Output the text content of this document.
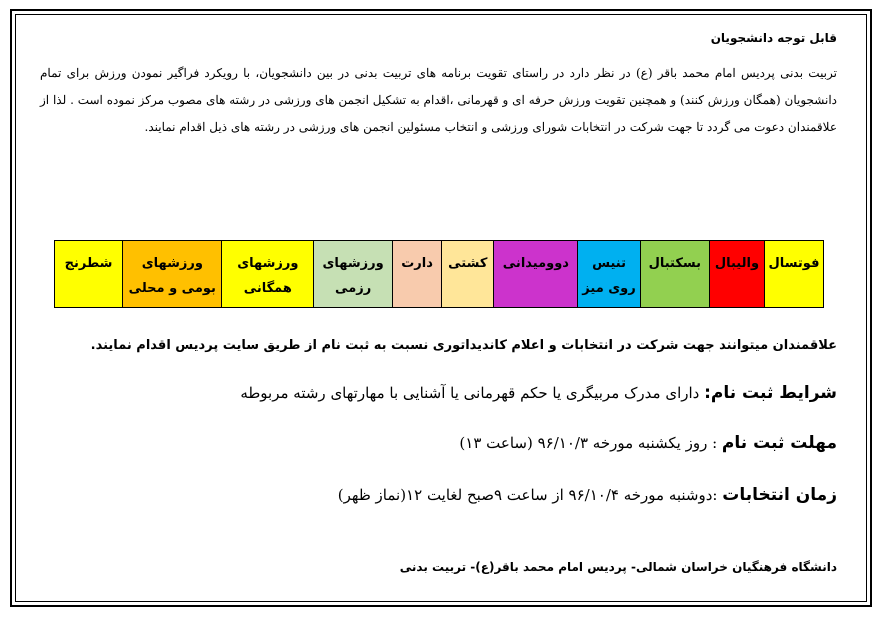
قابل توجه دانشجویان

تربیت بدنی پردیس امام محمد باقر (ع) در نظر دارد در راستای تقویت برنامه های تربیت بدنی در بین دانشجویان، با رویکرد فراگیر نمودن ورزش برای تمام دانشجویان (همگان ورزش کنند) و همچنین تقویت ورزش حرفه ای و قهرمانی ،اقدام به تشکیل انجمن های ورزشی در رشته های مصوب مرکز نموده است . لذا از علاقمندان دعوت می گردد تا جهت شرکت در انتخابات شورای ورزشی و انتخاب مسئولین انجمن های ورزشی در رشته های ذیل اقدام نمایند.

فوتسال	والیبال	بسکتبال	تنیس روی میز	دوومیدانی	کشتی	دارت	ورزشهای رزمی	ورزشهای همگانی	ورزشهای بومی و محلی	شطرنج
علاقمندان میتوانند جهت شرکت در انتخابات و اعلام کاندیداتوری نسبت به ثبت نام از طریق سایت پردیس اقدام نمایند.
شرایط ثبت نام: دارای مدرک مربیگری یا حکم قهرمانی یا آشنایی با مهارتهای رشته مربوطه
مهلت ثبت نام : روز یکشنبه مورخه ۹۶/۱۰/۳ (ساعت ۱۳)
زمان انتخابات :دوشنبه مورخه ۹۶/۱۰/۴ از ساعت ۹صبح لغایت ۱۲(نماز ظهر)
دانشگاه فرهنگیان خراسان شمالی- پردیس امام محمد باقر(ع)- تربیت بدنی
